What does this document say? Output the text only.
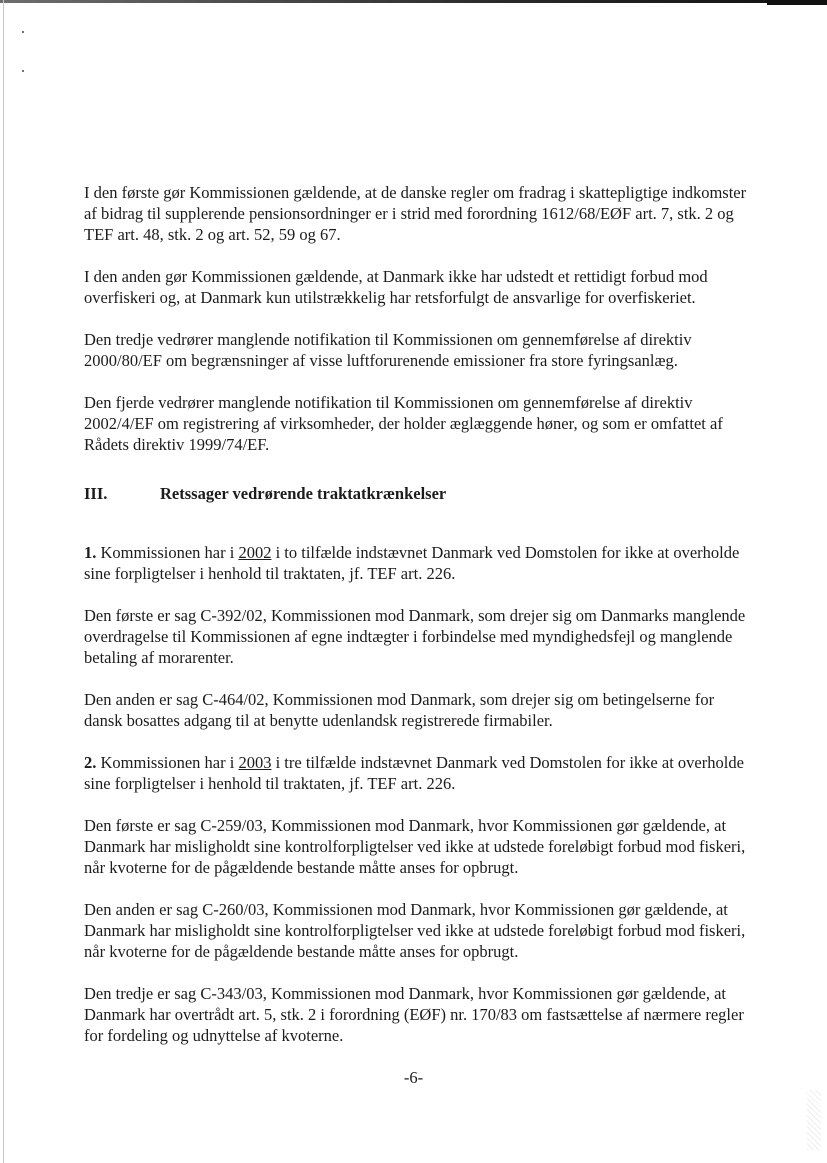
I den første gør Kommissionen gældende, at de danske regler om fradrag i skattepligtige indkomster af bidrag til supplerende pensionsordninger er i strid med forordning 1612/68/EØF art. 7, stk. 2 og TEF art. 48, stk. 2 og art. 52, 59 og 67.

I den anden gør Kommissionen gældende, at Danmark ikke har udstedt et rettidigt forbud mod overfiskeri og, at Danmark kun utilstrækkelig har retsforfulgt de ansvarlige for overfiskeriet.

Den tredje vedrører manglende notifikation til Kommissionen om gennemførelse af direktiv 2000/80/EF om begrænsninger af visse luftforurenende emissioner fra store fyringsanlæg.

Den fjerde vedrører manglende notifikation til Kommissionen om gennemførelse af direktiv 2002/4/EF om registrering af virksomheder, der holder æglæggende høner, og som er omfattet af Rådets direktiv 1999/74/EF.

III.	Retssager vedrørende traktatkrænkelser

1. Kommissionen har i 2002 i to tilfælde indstævnet Danmark ved Domstolen for ikke at overholde sine forpligtelser i henhold til traktaten, jf. TEF art. 226.

Den første er sag C-392/02, Kommissionen mod Danmark, som drejer sig om Danmarks manglende overdragelse til Kommissionen af egne indtægter i forbindelse med myndighedsfejl og manglende betaling af morarenter.

Den anden er sag C-464/02, Kommissionen mod Danmark, som drejer sig om betingelserne for dansk bosattes adgang til at benytte udenlandsk registrerede firmabiler.

2. Kommissionen har i 2003 i tre tilfælde indstævnet Danmark ved Domstolen for ikke at overholde sine forpligtelser i henhold til traktaten, jf. TEF art. 226.

Den første er sag C-259/03, Kommissionen mod Danmark, hvor Kommissionen gør gældende, at Danmark har misligholdt sine kontrolforpligtelser ved ikke at udstede foreløbigt forbud mod fiskeri, når kvoterne for de pågældende bestande måtte anses for opbrugt.

Den anden er sag C-260/03, Kommissionen mod Danmark, hvor Kommissionen gør gældende, at Danmark har misligholdt sine kontrolforpligtelser ved ikke at udstede foreløbigt forbud mod fiskeri, når kvoterne for de pågældende bestande måtte anses for opbrugt.

Den tredje er sag C-343/03, Kommissionen mod Danmark, hvor Kommissionen gør gældende, at Danmark har overtrådt art. 5, stk. 2 i forordning (EØF) nr. 170/83 om fastsættelse af nærmere regler for fordeling og udnyttelse af kvoterne.

-6-
